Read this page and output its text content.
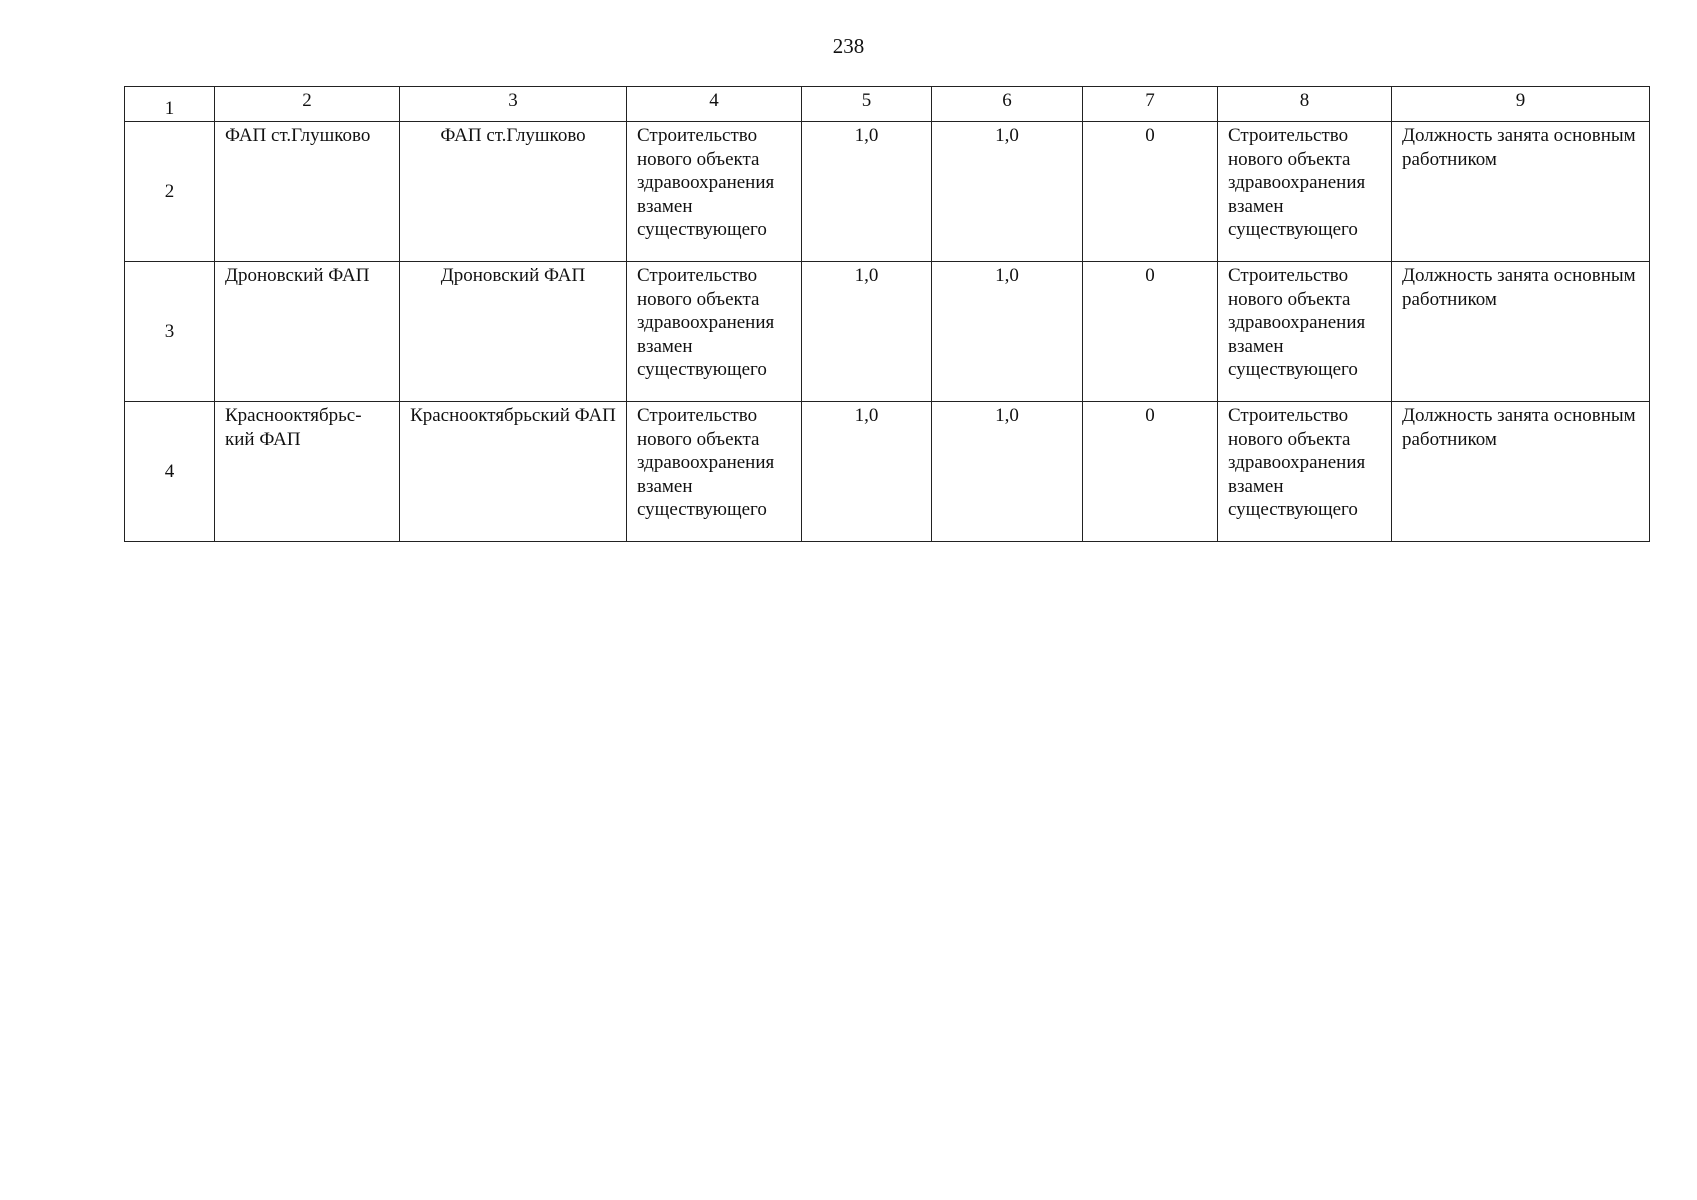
238
1	2	3	4	5	6	7	8	9
2	ФАП ст.Глушково	ФАП ст.Глушково	Строительство нового объекта здравоохранения взамен существующего	1,0	1,0	0	Строительство нового объекта здравоохранения взамен существующего	Должность занята основным работником
3	Дроновский ФАП	Дроновский ФАП	Строительство нового объекта здравоохранения взамен существующего	1,0	1,0	0	Строительство нового объекта здравоохранения взамен существующего	Должность занята основным работником
4	Краснооктябрьс-кий ФАП	Краснооктябрьский ФАП	Строительство нового объекта здравоохранения взамен существующего	1,0	1,0	0	Строительство нового объекта здравоохранения взамен существующего	Должность занята основным работником
